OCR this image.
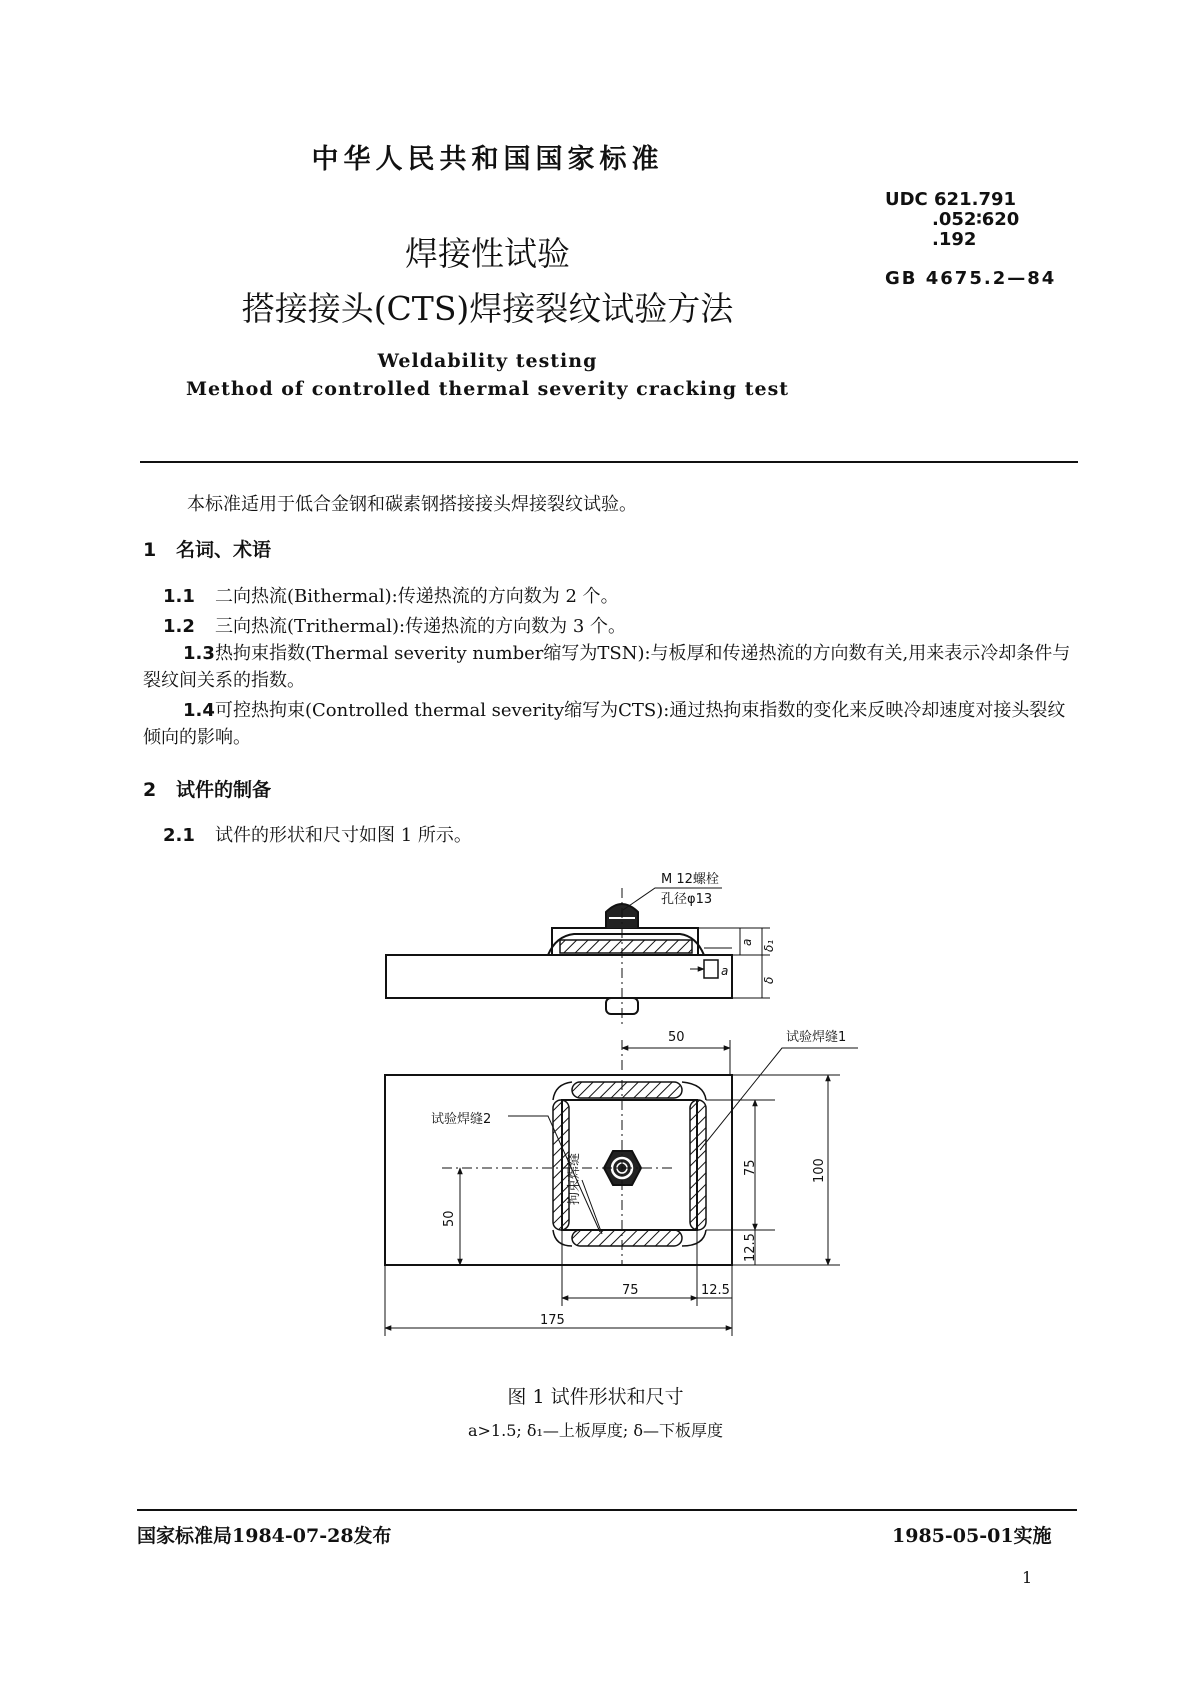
中华人民共和国国家标准
UDC 621.791
.052∶620
.192
GB 4675.2—84
焊接性试验
搭接接头(CTS)焊接裂纹试验方法
Weldability testing
Method of controlled thermal severity cracking test
本标准适用于低合金钢和碳素钢搭接接头焊接裂纹试验。
1 名词、术语
1.1 二向热流(Bithermal):传递热流的方向数为 2 个。
1.2 三向热流(Trithermal):传递热流的方向数为 3 个。
1.3热拘束指数(Thermal severity number缩写为TSN):与板厚和传递热流的方向数有关,用来表示冷却条件与裂纹间关系的指数。
1.4可控热拘束(Controlled thermal severity缩写为CTS):通过热拘束指数的变化来反映冷却速度对接头裂纹倾向的影响。
2 试件的制备
2.1 试件的形状和尺寸如图 1 所示。
M 12螺栓
孔径φ13
a δ₁
δ
a
50	试验焊缝1
试验焊缝2
拘束焊缝	75	100
50
12.5
75	12.5
175
图 1 试件形状和尺寸
a>1.5; δ₁—上板厚度; δ—下板厚度
国家标准局1984-07-28发布	1985-05-01实施
1
